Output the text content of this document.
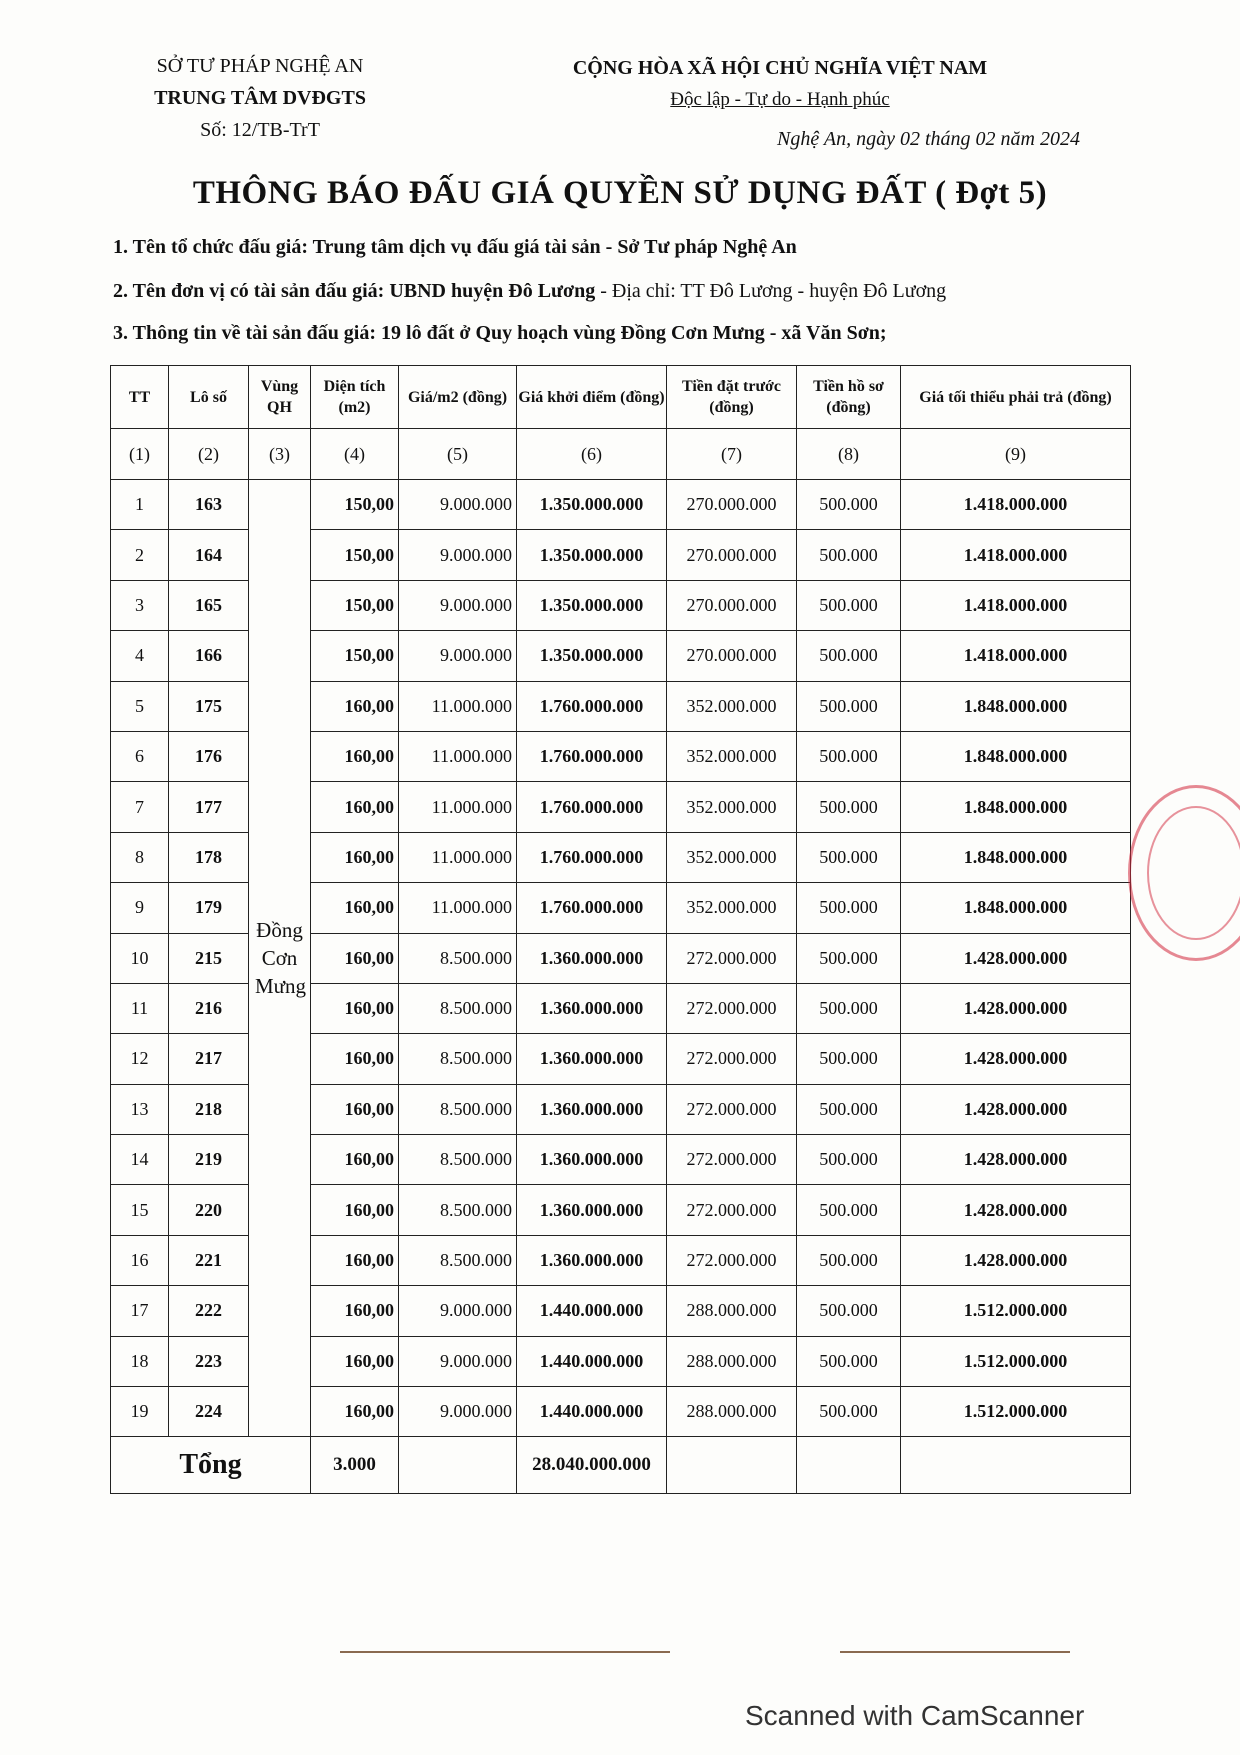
SỞ TƯ PHÁP NGHỆ AN
TRUNG TÂM DVĐGTS
Số: 12/TB-TrT
CỘNG HÒA XÃ HỘI CHỦ NGHĨA VIỆT NAM
Độc lập - Tự do - Hạnh phúc
Nghệ An, ngày 02 tháng 02 năm 2024
THÔNG BÁO ĐẤU GIÁ QUYỀN SỬ DỤNG ĐẤT ( Đợt 5)
1. Tên tổ chức đấu giá: Trung tâm dịch vụ đấu giá tài sản - Sở Tư pháp Nghệ An
2. Tên đơn vị có tài sản đấu giá: UBND huyện Đô Lương - Địa chỉ: TT Đô Lương - huyện Đô Lương
3. Thông tin về tài sản đấu giá: 19 lô đất ở Quy hoạch vùng Đồng Cơn Mưng - xã Văn Sơn;
TT	Lô số	Vùng QH	Diện tích (m2)	Giá/m2 (đồng)	Giá khởi điểm (đồng)	Tiền đặt trước (đồng)	Tiền hồ sơ (đồng)	Giá tối thiểu phải trả (đồng)
(1)	(2)	(3)	(4)	(5)	(6)	(7)	(8)	(9)
1	163	Đồng Cơn Mưng	150,00	9.000.000	1.350.000.000	270.000.000	500.000	1.418.000.000
2	164		150,00	9.000.000	1.350.000.000	270.000.000	500.000	1.418.000.000
3	165		150,00	9.000.000	1.350.000.000	270.000.000	500.000	1.418.000.000
4	166		150,00	9.000.000	1.350.000.000	270.000.000	500.000	1.418.000.000
5	175		160,00	11.000.000	1.760.000.000	352.000.000	500.000	1.848.000.000
6	176		160,00	11.000.000	1.760.000.000	352.000.000	500.000	1.848.000.000
7	177		160,00	11.000.000	1.760.000.000	352.000.000	500.000	1.848.000.000
8	178		160,00	11.000.000	1.760.000.000	352.000.000	500.000	1.848.000.000
9	179		160,00	11.000.000	1.760.000.000	352.000.000	500.000	1.848.000.000
10	215		160,00	8.500.000	1.360.000.000	272.000.000	500.000	1.428.000.000
11	216		160,00	8.500.000	1.360.000.000	272.000.000	500.000	1.428.000.000
12	217		160,00	8.500.000	1.360.000.000	272.000.000	500.000	1.428.000.000
13	218		160,00	8.500.000	1.360.000.000	272.000.000	500.000	1.428.000.000
14	219		160,00	8.500.000	1.360.000.000	272.000.000	500.000	1.428.000.000
15	220		160,00	8.500.000	1.360.000.000	272.000.000	500.000	1.428.000.000
16	221		160,00	8.500.000	1.360.000.000	272.000.000	500.000	1.428.000.000
17	222		160,00	9.000.000	1.440.000.000	288.000.000	500.000	1.512.000.000
18	223		160,00	9.000.000	1.440.000.000	288.000.000	500.000	1.512.000.000
19	224		160,00	9.000.000	1.440.000.000	288.000.000	500.000	1.512.000.000
Tổng			3.000		28.040.000.000			
Scanned with CamScanner
